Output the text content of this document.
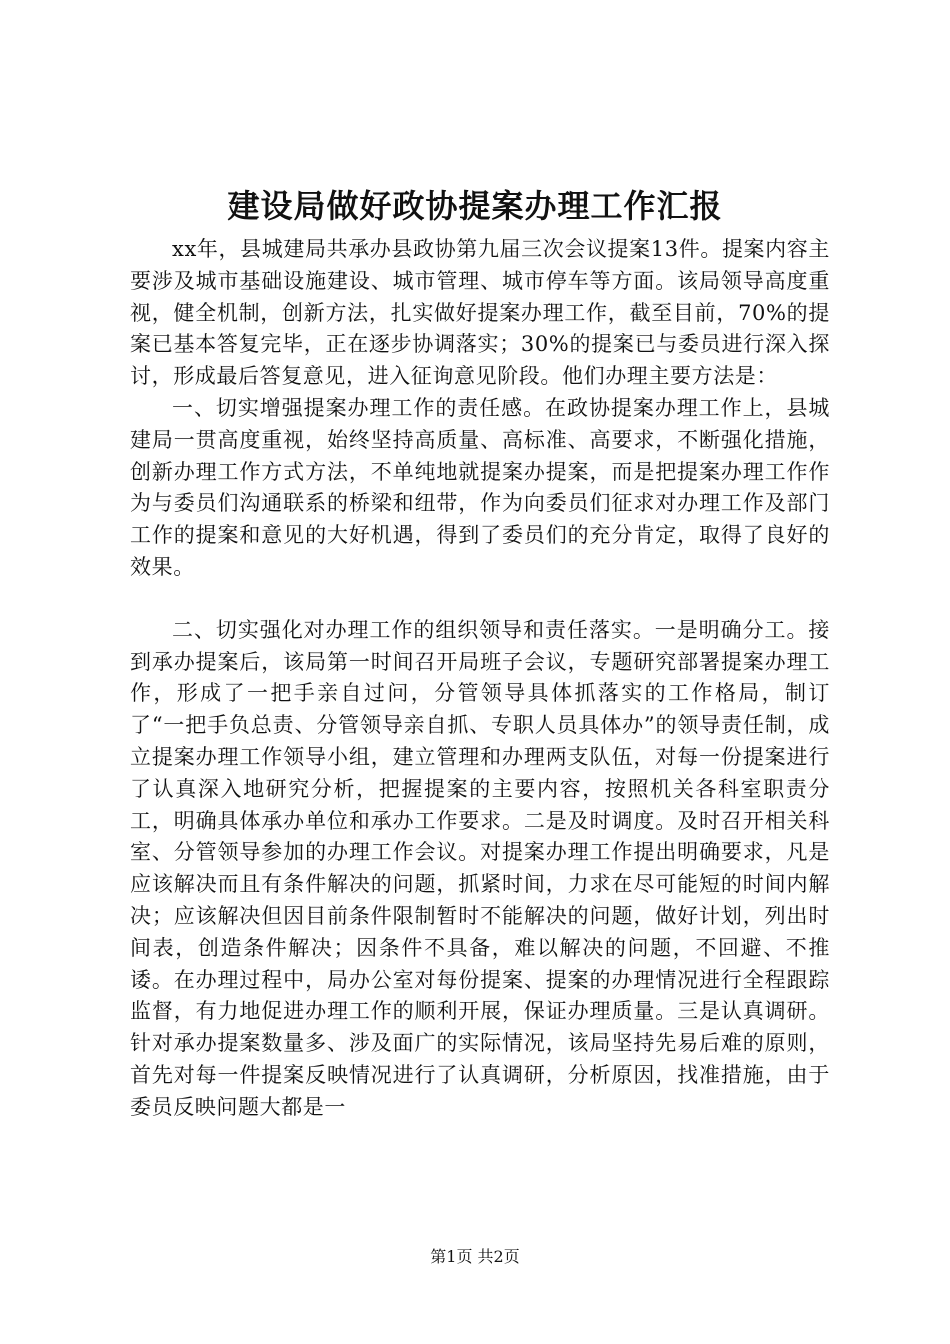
建设局做好政协提案办理工作汇报

xx年，县城建局共承办县政协第九届三次会议提案13件。提案内容主要涉及城市基础设施建设、城市管理、城市停车等方面。该局领导高度重视，健全机制，创新方法，扎实做好提案办理工作，截至目前，70%的提案已基本答复完毕，正在逐步协调落实；30%的提案已与委员进行深入探讨，形成最后答复意见，进入征询意见阶段。他们办理主要方法是：

一、切实增强提案办理工作的责任感。在政协提案办理工作上，县城建局一贯高度重视，始终坚持高质量、高标准、高要求，不断强化措施，创新办理工作方式方法，不单纯地就提案办提案，而是把提案办理工作作为与委员们沟通联系的桥梁和纽带，作为向委员们征求对办理工作及部门工作的提案和意见的大好机遇，得到了委员们的充分肯定，取得了良好的效果。

二、切实强化对办理工作的组织领导和责任落实。一是明确分工。接到承办提案后，该局第一时间召开局班子会议，专题研究部署提案办理工作，形成了一把手亲自过问，分管领导具体抓落实的工作格局，制订了“一把手负总责、分管领导亲自抓、专职人员具体办”的领导责任制，成立提案办理工作领导小组，建立管理和办理两支队伍，对每一份提案进行了认真深入地研究分析，把握提案的主要内容，按照机关各科室职责分工，明确具体承办单位和承办工作要求。二是及时调度。及时召开相关科室、分管领导参加的办理工作会议。对提案办理工作提出明确要求，凡是应该解决而且有条件解决的问题，抓紧时间，力求在尽可能短的时间内解决；应该解决但因目前条件限制暂时不能解决的问题，做好计划，列出时间表，创造条件解决；因条件不具备，难以解决的问题，不回避、不推诿。在办理过程中，局办公室对每份提案、提案的办理情况进行全程跟踪监督，有力地促进办理工作的顺利开展，保证办理质量。三是认真调研。针对承办提案数量多、涉及面广的实际情况，该局坚持先易后难的原则，首先对每一件提案反映情况进行了认真调研，分析原因，找准措施，由于委员反映问题大都是一

第1页 共2页
